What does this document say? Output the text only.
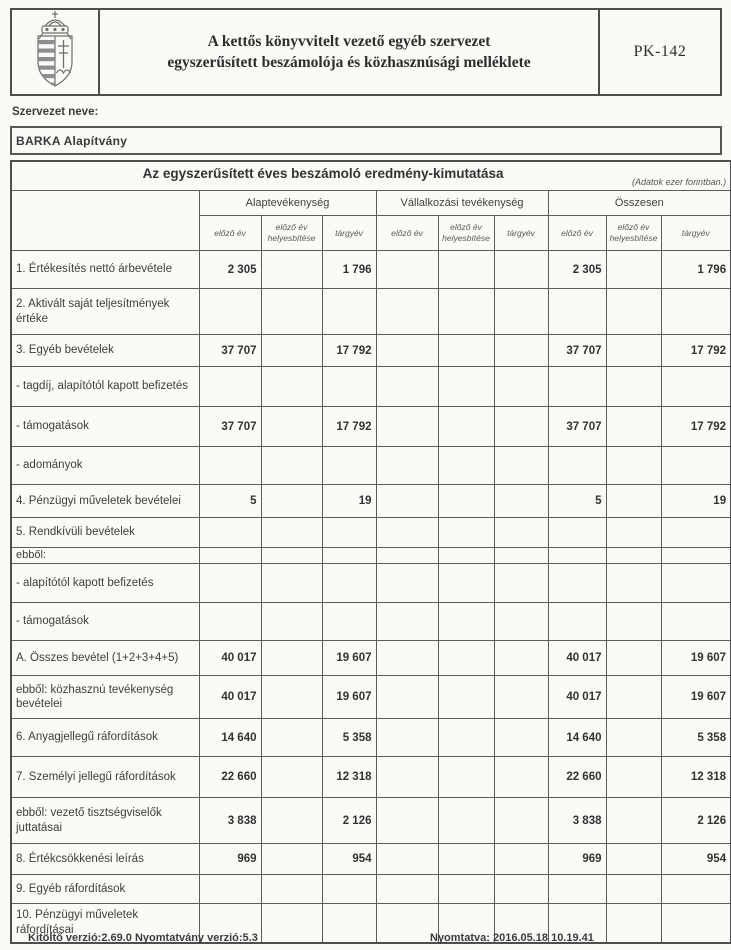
A kettős könyvvitelt vezető egyéb szervezet
egyszerűsített beszámolója és közhasznúsági melléklete
PK-142
Szervezet neve:
BARKA Alapítvány
Az egyszerűsített éves beszámoló eredmény-kimutatása
(Adatok ezer forintban.)									

	Alaptevékenység			Vállalkozási tevékenység			Összesen		
	előző év	előző év helyesbítése	tárgyév	előző év	előző év helyesbítése	tárgyév	előző év	előző év helyesbítése	tárgyév
1. Értékesítés nettó árbevétele	2 305		1 796				2 305		1 796
2. Aktivált saját teljesítmények értéke									
3. Egyéb bevételek	37 707		17 792				37 707		17 792
- tagdíj, alapítótól kapott befizetés									
- támogatások	37 707		17 792				37 707		17 792
- adományok									
4. Pénzügyi műveletek bevételei	5		19				5		19
5. Rendkívüli bevételek									
ebből:									
- alapítótól kapott befizetés									
- támogatások									
A. Összes bevétel (1+2+3+4+5)	40 017		19 607				40 017		19 607
ebből: közhasznú tevékenység bevételei	40 017		19 607				40 017		19 607
6. Anyagjellegű ráfordítások	14 640		5 358				14 640		5 358
7. Személyi jellegű ráfordítások	22 660		12 318				22 660		12 318
ebből: vezető tisztségviselők juttatásai	3 838		2 126				3 838		2 126
8. Értékcsökkenési leírás	969		954				969		954
9. Egyéb ráfordítások									
10. Pénzügyi műveletek ráfordításai									
Kitöltő verzió:2.69.0 Nyomtatvány verzió:5.3	Nyomtatva: 2016.05.18 10.19.41
